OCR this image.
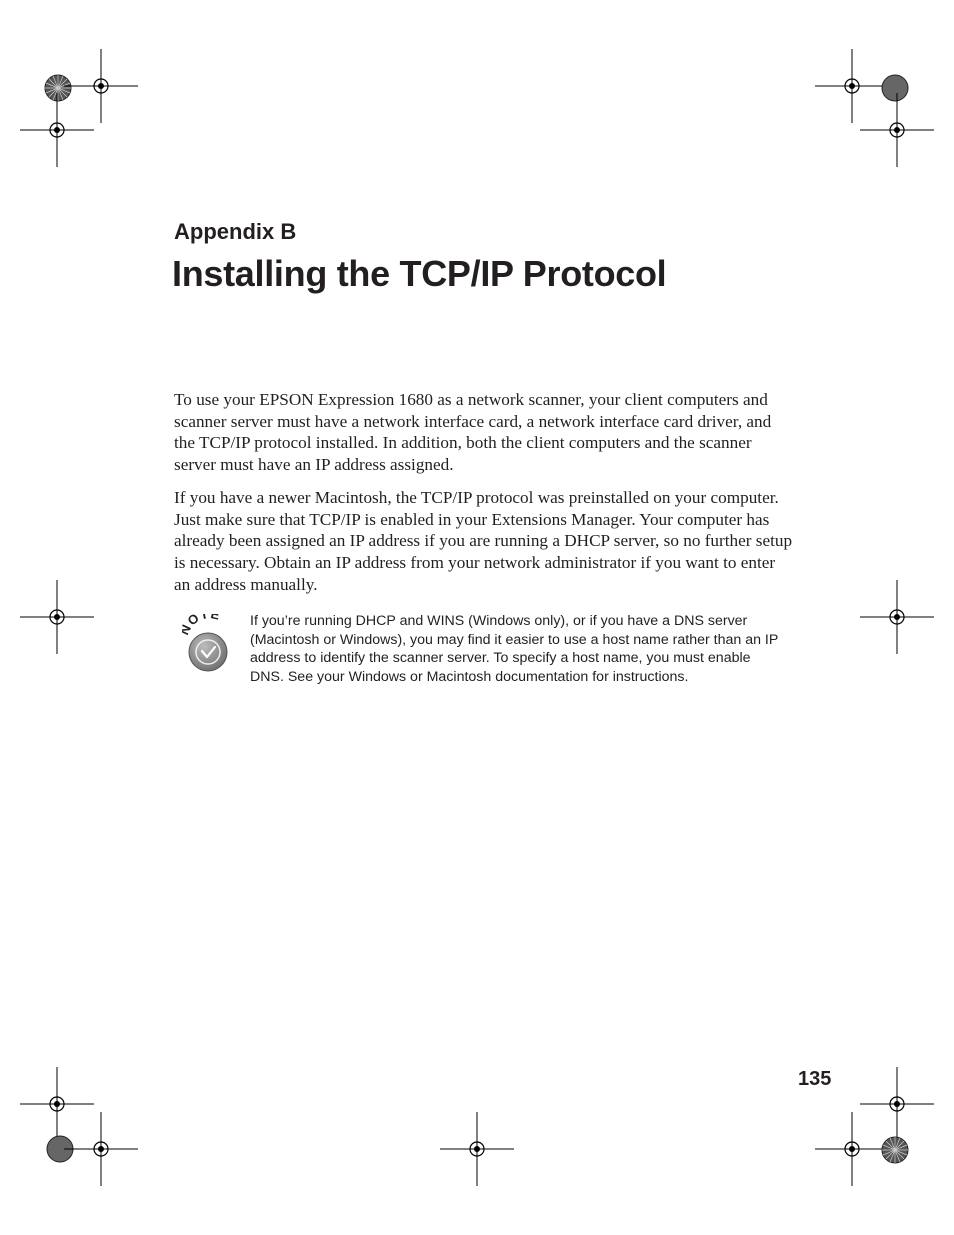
Appendix B
Installing the TCP/IP Protocol

To use your EPSON Expression 1680 as a network scanner, your client computers and scanner server must have a network interface card, a network interface card driver, and the TCP/IP protocol installed. In addition, both the client computers and the scanner server must have an IP address assigned.

If you have a newer Macintosh, the TCP/IP protocol was preinstalled on your computer. Just make sure that TCP/IP is enabled in your Extensions Manager. Your computer has already been assigned an IP address if you are running a DHCP server, so no further setup is necessary. Obtain an IP address from your network administrator if you want to enter an address manually.

OTE If you’re running DHCP and WINS (Windows only), or if you have a DNS server (Macintosh or Windows), you may find it easier to use a host name rather than an IP address to identify the scanner server. To specify a host name, you must enable DNS. See your Windows or Macintosh documentation for instructions.

135
